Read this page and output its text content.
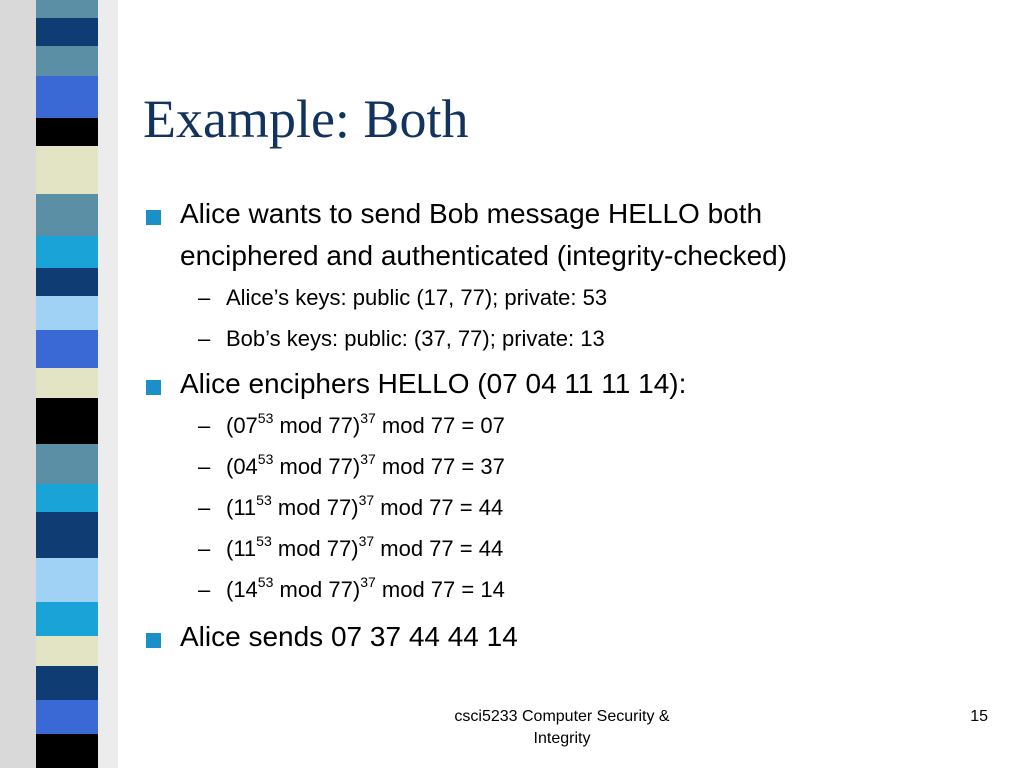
Example: Both
Alice wants to send Bob message HELLO both
enciphered and authenticated (integrity-checked)
– Alice’s keys: public (17, 77); private: 53
– Bob’s keys: public: (37, 77); private: 13
Alice enciphers HELLO (07 04 11 11 14):
– ($07^{53}$ mod 77)$^{37}$ mod 77 = 07
– ($04^{53}$ mod 77)$^{37}$ mod 77 = 37
– ($11^{53}$ mod 77)$^{37}$ mod 77 = 44
– ($11^{53}$ mod 77)$^{37}$ mod 77 = 44
– ($14^{53}$ mod 77)$^{37}$ mod 77 = 14
Alice sends 07 37 44 44 14
csci5233 Computer Security &
Integrity
15
